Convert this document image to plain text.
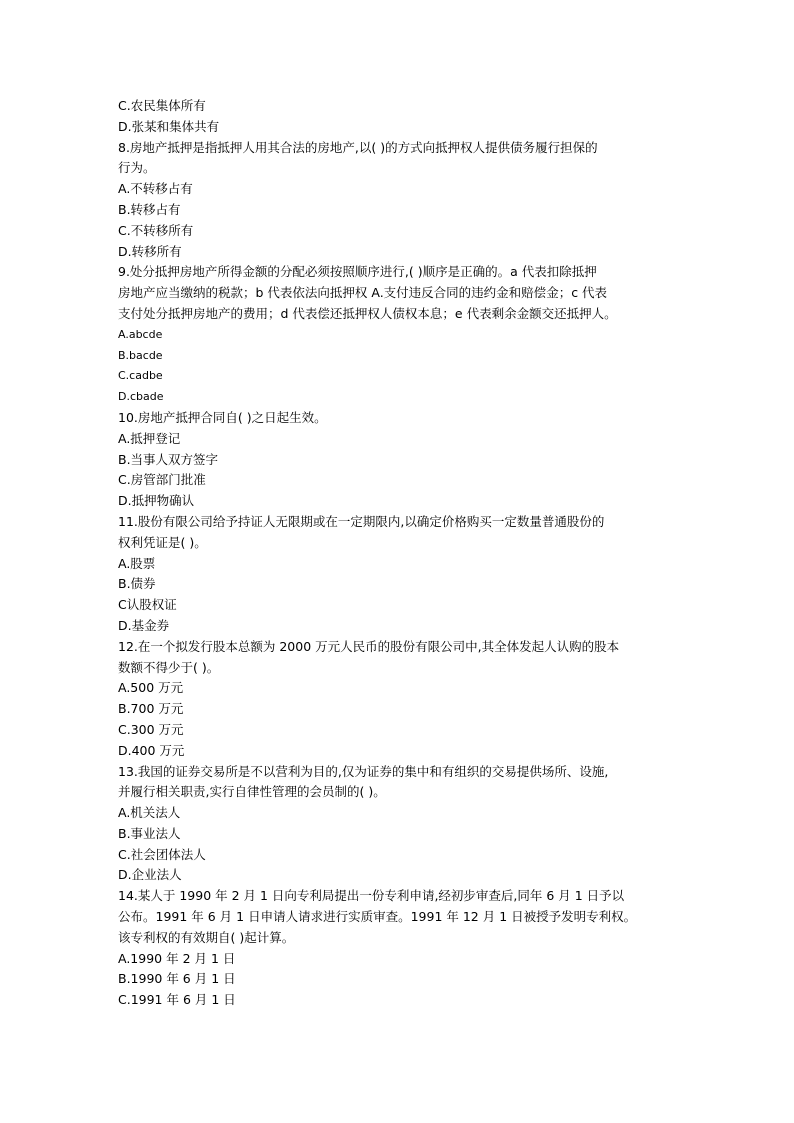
C.农民集体所有
D.张某和集体共有
8.房地产抵押是指抵押人用其合法的房地产,以( )的方式向抵押权人提供债务履行担保的
行为。
A.不转移占有
B.转移占有
C.不转移所有
D.转移所有
9.处分抵押房地产所得金额的分配必须按照顺序进行,( )顺序是正确的。a 代表扣除抵押
房地产应当缴纳的税款；b 代表依法向抵押权 A.支付违反合同的违约金和赔偿金；c 代表
支付处分抵押房地产的费用；d 代表偿还抵押权人债权本息；e 代表剩余金额交还抵押人。
A.abcde
B.bacde
C.cadbe
D.cbade
10.房地产抵押合同自( )之日起生效。
A.抵押登记
B.当事人双方签字
C.房管部门批准
D.抵押物确认
11.股份有限公司给予持证人无限期或在一定期限内,以确定价格购买一定数量普通股份的
权利凭证是( )。
A.股票
B.债券
C认股权证
D.基金券
12.在一个拟发行股本总额为 2000 万元人民币的股份有限公司中,其全体发起人认购的股本
数额不得少于( )。
A.500 万元
B.700 万元
C.300 万元
D.400 万元
13.我国的证券交易所是不以营利为目的,仅为证券的集中和有组织的交易提供场所、设施,
并履行相关职责,实行自律性管理的会员制的( )。
A.机关法人
B.事业法人
C.社会团体法人
D.企业法人
14.某人于 1990 年 2 月 1 日向专利局提出一份专利申请,经初步审查后,同年 6 月 1 日予以
公布。1991 年 6 月 1 日申请人请求进行实质审查。1991 年 12 月 1 日被授予发明专利权。
该专利权的有效期自( )起计算。
A.1990 年 2 月 1 日
B.1990 年 6 月 1 日
C.1991 年 6 月 1 日
